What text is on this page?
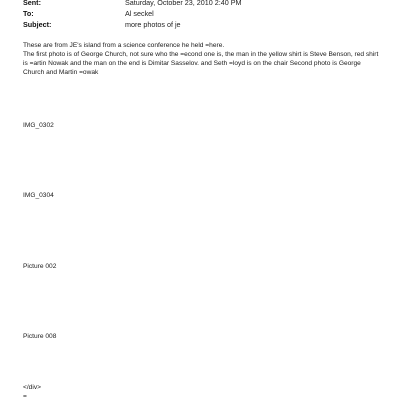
Sent:	Saturday, October 23, 2010 2:40 PM
To:	Al seckel
Subject:	more photos of je

These are from JE's island from a science conference he held =here.

The first photo is of George Church, not sure who the =econd one is, the man in the yellow shirt is Steve Benson, red shirt is =artin Nowak and the man on the end is Dimitar Sasselov. and Seth =loyd is on the chair Second photo is George Church and Martin =owak

IMG_0302
IMG_0304
Picture 002
Picture 008
</div>
=
